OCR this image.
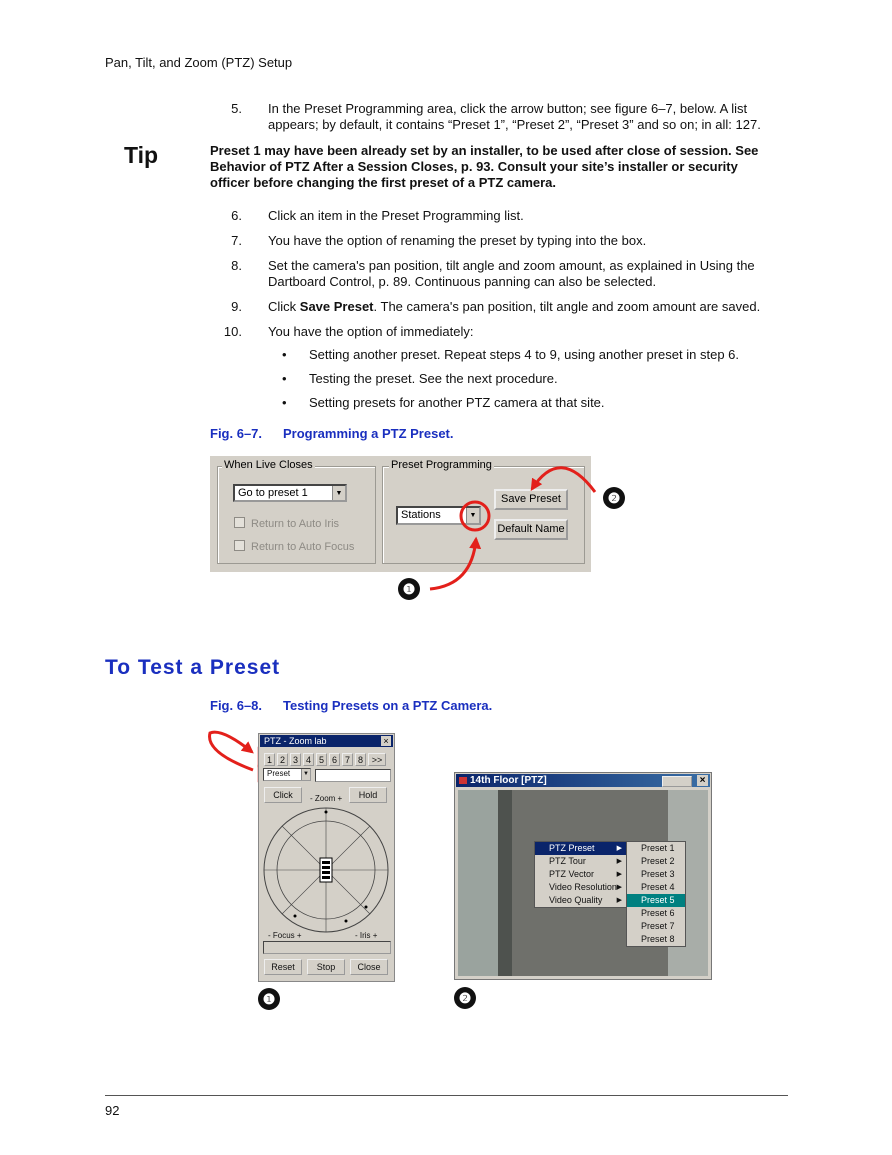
Pan, Tilt, and Zoom (PTZ) Setup
5. In the Preset Programming area, click the arrow button; see figure 6–7, below. A list appears; by default, it contains “Preset 1”, “Preset 2”, “Preset 3” and so on; in all: 127.
Tip	Preset 1 may have been already set by an installer, to be used after close of session. See Behavior of PTZ After a Session Closes, p. 93. Consult your site’s installer or security officer before changing the first preset of a PTZ camera.
6. Click an item in the Preset Programming list.
7. You have the option of renaming the preset by typing into the box.
8. Set the camera's pan position, tilt angle and zoom amount, as explained in Using the Dartboard Control, p. 89. Continuous panning can also be selected.
9. Click Save Preset. The camera's pan position, tilt angle and zoom amount are saved.
10. You have the option of immediately:
• Setting another preset. Repeat steps 4 to 9, using another preset in step 6.
• Testing the preset. See the next procedure.
• Setting presets for another PTZ camera at that site.
Fig. 6–7. Programming a PTZ Preset.
When Live Closes
Go to preset 1	▼
Return to Auto Iris
Return to Auto Focus
Preset Programming
Stations	▼
Save Preset
Default Name
❶
❷
To Test a Preset
Fig. 6–8. Testing Presets on a PTZ Camera.
PTZ - Zoom lab	×
1 2 3 4 5 6 7 8 >>
Preset	▼
Click	- Zoom +	Hold
- Focus +	- Iris +
Reset	Stop	Close
14th Floor [PTZ]	×
PTZ Preset	▶
PTZ Tour	▶
PTZ Vector	▶
Video Resolution ▶
Video Quality ▶
Preset 1
Preset 2
Preset 3
Preset 4
Preset 5
Preset 6
Preset 7
Preset 8
❶	❷
92
